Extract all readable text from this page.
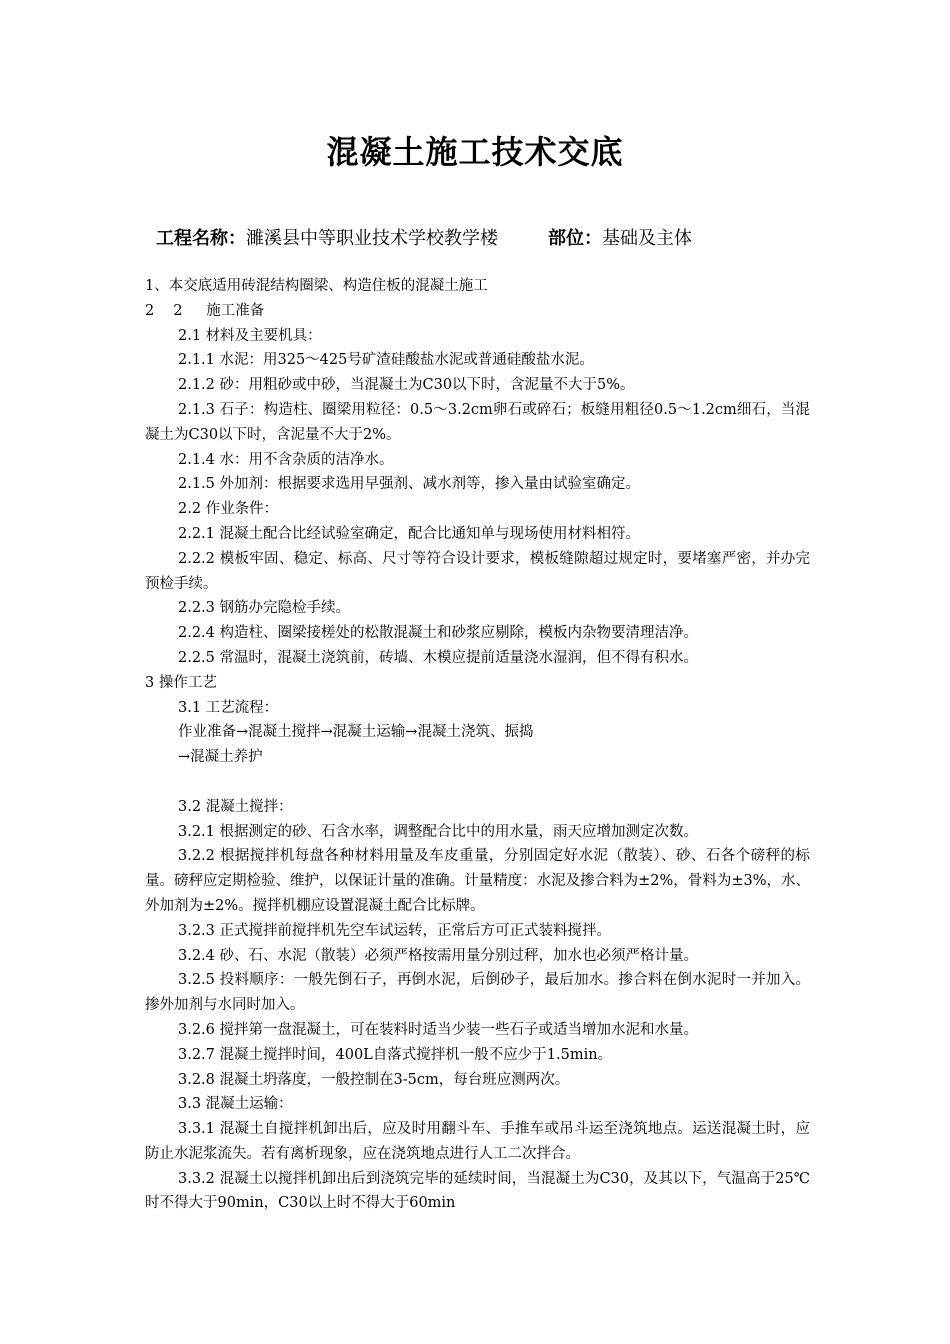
混凝土施工技术交底
工程名称：濉溪县中等职业技术学校教学楼	部位：基础及主体

1、本交底适用砖混结构圈梁、构造住板的混凝土施工

2　 2　  施工准备

2.1 材料及主要机具：

2.1.1 水泥：用325～425号矿渣硅酸盐水泥或普通硅酸盐水泥。

2.1.2 砂：用粗砂或中砂，当混凝土为C30以下时，含泥量不大于5%。

2.1.3 石子：构造柱、圈梁用粒径：0.5～3.2cm卵石或碎石；板缝用粗径0.5～1.2cm细石，当混凝土为C30以下时，含泥量不大于2%。

2.1.4 水：用不含杂质的洁净水。

2.1.5 外加剂：根据要求选用早强剂、减水剂等，掺入量由试验室确定。

2.2 作业条件：

2.2.1 混凝土配合比经试验室确定，配合比通知单与现场使用材料相符。

2.2.2 模板牢固、稳定、标高、尺寸等符合设计要求，模板缝隙超过规定时，要堵塞严密，并办完预检手续。

2.2.3 钢筋办完隐检手续。

2.2.4 构造柱、圈梁接槎处的松散混凝土和砂浆应剔除，模板内杂物要清理洁净。

2.2.5 常温时，混凝土浇筑前，砖墙、木模应提前适量浇水湿润，但不得有积水。

3 操作工艺

3.1 工艺流程：

作业准备→混凝土搅拌→混凝土运输→混凝土浇筑、振捣

→混凝土养护

3.2 混凝土搅拌：

3.2.1 根据测定的砂、石含水率，调整配合比中的用水量，雨天应增加测定次数。

3.2.2 根据搅拌机每盘各种材料用量及车皮重量，分别固定好水泥（散装）、砂、石各个磅秤的标量。磅秤应定期检验、维护，以保证计量的准确。计量精度：水泥及掺合料为±2%，骨料为±3%，水、外加剂为±2%。搅拌机棚应设置混凝土配合比标牌。

3.2.3 正式搅拌前搅拌机先空车试运转，正常后方可正式装料搅拌。

3.2.4 砂、石、水泥（散装）必须严格按需用量分别过秤，加水也必须严格计量。

3.2.5 投料顺序：一般先倒石子，再倒水泥，后倒砂子，最后加水。掺合料在倒水泥时一并加入。掺外加剂与水同时加入。

3.2.6 搅拌第一盘混凝土，可在装料时适当少装一些石子或适当增加水泥和水量。

3.2.7 混凝土搅拌时间，400L自落式搅拌机一般不应少于1.5min。

3.2.8 混凝土坍落度，一般控制在3-5cm，每台班应测两次。

3.3 混凝土运输：

3.3.1 混凝土自搅拌机卸出后，应及时用翻斗车、手推车或吊斗运至浇筑地点。运送混凝土时，应防止水泥浆流失。若有离析现象，应在浇筑地点进行人工二次拌合。

3.3.2 混凝土以搅拌机卸出后到浇筑完毕的延续时间，当混凝土为C30，及其以下，气温高于25℃时不得大于90min，C30以上时不得大于60min
